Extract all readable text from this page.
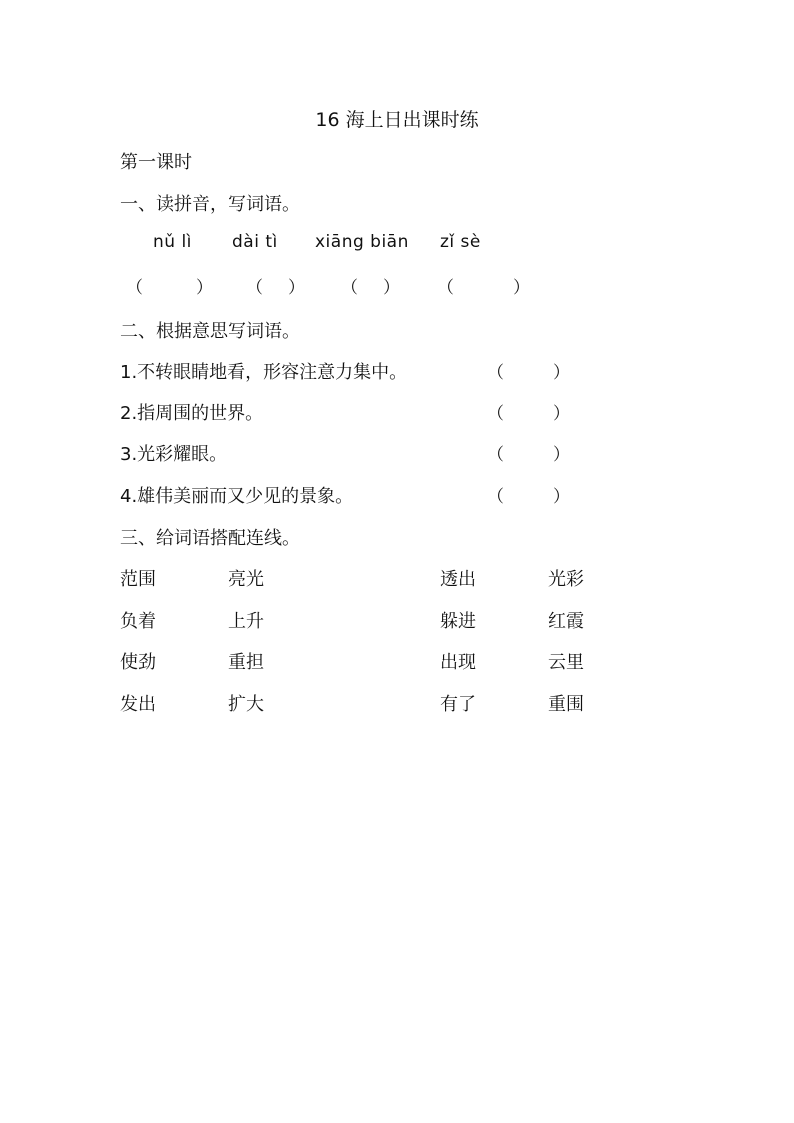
16 海上日出课时练
第一课时
一、读拼音，写词语。
nǔ lì dài tì xiāng biān zǐ sè
（	） （ ） （ ） （	）
二、根据意思写词语。
1.不转眼睛地看，形容注意力集中。	（	）
2.指周围的世界。	（	）
3.光彩耀眼。	（	）
4.雄伟美丽而又少见的景象。	（	）
三、给词语搭配连线。
范围	亮光	透出	光彩
负着	上升	躲进	红霞
使劲	重担	出现	云里
发出	扩大	有了	重围
